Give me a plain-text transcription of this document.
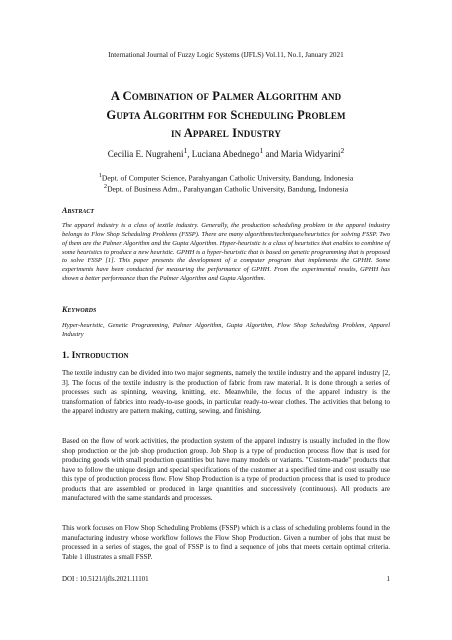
International Journal of Fuzzy Logic Systems (IJFLS) Vol.11, No.1, January 2021
A Combination of Palmer Algorithm and
Gupta Algorithm for Scheduling Problem
in Apparel Industry
Cecilia E. Nugraheni$^1$, Luciana Abednego$^1$ and Maria Widyarini$^2$
$^1$Dept. of Computer Science, Parahyangan Catholic University, Bandung, Indonesia
$^2$Dept. of Business Adm., Parahyangan Catholic University, Bandung, Indonesia
Abstract
The apparel industry is a class of textile industry. Generally, the production scheduling problem in the apparel industry belongs to Flow Shop Scheduling Problems (FSSP). There are many algorithms/techniques/heuristics for solving FSSP. Two of them are the Palmer Algorithm and the Gupta Algorithm. Hyper-heuristic is a class of heuristics that enables to combine of some heuristics to produce a new heuristic. GPHH is a hyper-heuristic that is based on genetic programming that is proposed to solve FSSP [1]. This paper presents the development of a computer program that implements the GPHH. Some experiments have been conducted for measuring the performance of GPHH. From the experimental results, GPHH has shown a better performance than the Palmer Algorithm and Gupta Algorithm.
Keywords
Hyper-heuristic, Genetic Programming, Palmer Algorithm, Gupta Algorithm, Flow Shop Scheduling Problem, Apparel Industry
1. Introduction
The textile industry can be divided into two major segments, namely the textile industry and the apparel industry [2, 3]. The focus of the textile industry is the production of fabric from raw material. It is done through a series of processes such as spinning, weaving, knitting, etc. Meanwhile, the focus of the apparel industry is the transformation of fabrics into ready-to-use goods, in particular ready-to-wear clothes. The activities that belong to the apparel industry are pattern making, cutting, sewing, and finishing.
Based on the flow of work activities, the production system of the apparel industry is usually included in the flow shop production or the job shop production group. Job Shop is a type of production process flow that is used for producing goods with small production quantities but have many models or variants. "Custom-made" products that have to follow the unique design and special specifications of the customer at a specified time and cost usually use this type of production process flow. Flow Shop Production is a type of production process that is used to produce products that are assembled or produced in large quantities and successively (continuous). All products are manufactured with the same standards and processes.
This work focuses on Flow Shop Scheduling Problems (FSSP) which is a class of scheduling problems found in the manufacturing industry whose workflow follows the Flow Shop Production. Given a number of jobs that must be processed in a series of stages, the goal of FSSP is to find a sequence of jobs that meets certain optimal criteria. Table 1 illustrates a small FSSP.
DOI : 10.5121/ijfls.2021.11101	1
